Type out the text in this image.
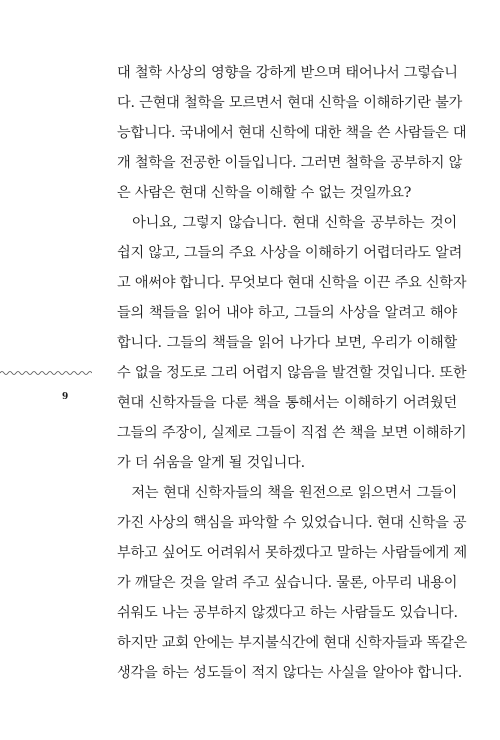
9
대 철학 사상의 영향을 강하게 받으며 태어나서 그렇습니
다. 근현대 철학을 모르면서 현대 신학을 이해하기란 불가
능합니다. 국내에서 현대 신학에 대한 책을 쓴 사람들은 대
개 철학을 전공한 이들입니다. 그러면 철학을 공부하지 않
은 사람은 현대 신학을 이해할 수 없는 것일까요?
　아니요, 그렇지 않습니다. 현대 신학을 공부하는 것이
쉽지 않고, 그들의 주요 사상을 이해하기 어렵더라도 알려
고 애써야 합니다. 무엇보다 현대 신학을 이끈 주요 신학자
들의 책들을 읽어 내야 하고, 그들의 사상을 알려고 해야
합니다. 그들의 책들을 읽어 나가다 보면, 우리가 이해할
수 없을 정도로 그리 어렵지 않음을 발견할 것입니다. 또한
현대 신학자들을 다룬 책을 통해서는 이해하기 어려웠던
그들의 주장이, 실제로 그들이 직접 쓴 책을 보면 이해하기
가 더 쉬움을 알게 될 것입니다.
　저는 현대 신학자들의 책을 원전으로 읽으면서 그들이
가진 사상의 핵심을 파악할 수 있었습니다. 현대 신학을 공
부하고 싶어도 어려워서 못하겠다고 말하는 사람들에게 제
가 깨달은 것을 알려 주고 싶습니다. 물론, 아무리 내용이
쉬워도 나는 공부하지 않겠다고 하는 사람들도 있습니다.
하지만 교회 안에는 부지불식간에 현대 신학자들과 똑같은
생각을 하는 성도들이 적지 않다는 사실을 알아야 합니다.
